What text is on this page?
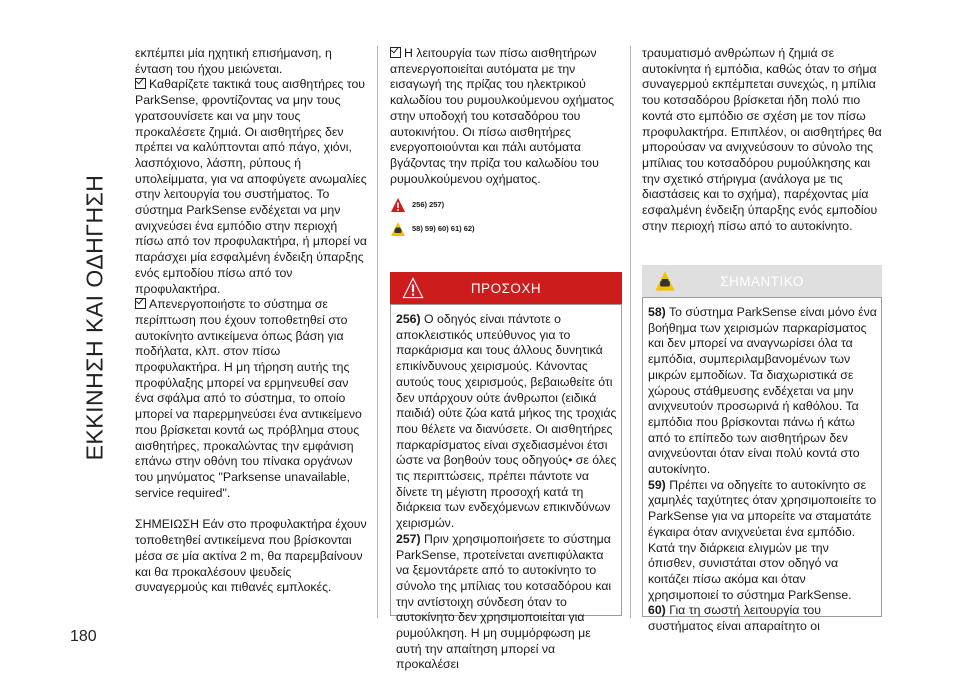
ΕΚΚΙΝΗΣΗ ΚΑΙ ΟΔΗΓΗΣΗ
180

εκπέμπει μία ηχητική επισήμανση, η ένταση του ήχου μειώνεται.

Καθαρίζετε τακτικά τους αισθητήρες του ParkSense, φροντίζοντας να μην τους γρατσουνίσετε και να μην τους προκαλέσετε ζημιά. Οι αισθητήρες δεν πρέπει να καλύπτονται από πάγο, χιόνι, λασπόχιονο, λάσπη, ρύπους ή υπολείμματα, για να αποφύγετε ανωμαλίες στην λειτουργία του συστήματος. Το σύστημα ParkSense ενδέχεται να μην ανιχνεύσει ένα εμπόδιο στην περιοχή πίσω από τον προφυλακτήρα, ή μπορεί να παράσχει μία εσφαλμένη ένδειξη ύπαρξης ενός εμποδίου πίσω από τον προφυλακτήρα.

Απενεργοποιήστε το σύστημα σε περίπτωση που έχουν τοποθετηθεί στο αυτοκίνητο αντικείμενα όπως βάση για ποδήλατα, κλπ. στον πίσω προφυλακτήρα. Η μη τήρηση αυτής της προφύλαξης μπορεί να ερμηνευθεί σαν ένα σφάλμα από το σύστημα, το οποίο μπορεί να παρερμηνεύσει ένα αντικείμενο που βρίσκεται κοντά ως πρόβλημα στους αισθητήρες, προκαλώντας την εμφάνιση επάνω στην οθόνη του πίνακα οργάνων του μηνύματος "Parksense unavailable, service required".

ΣΗΜΕΙΩΣΗ Εάν στο προφυλακτήρα έχουν τοποθετηθεί αντικείμενα που βρίσκονται μέσα σε μία ακτίνα 2 m, θα παρεμβαίνουν και θα προκαλέσουν ψευδείς συναγερμούς και πιθανές εμπλοκές.

Η λειτουργία των πίσω αισθητήρων απενεργοποιείται αυτόματα με την εισαγωγή της πρίζας του ηλεκτρικού καλωδίου του ρυμουλκούμενου οχήματος στην υποδοχή του κοτσαδόρου του αυτοκινήτου. Οι πίσω αισθητήρες ενεργοποιούνται και πάλι αυτόματα βγάζοντας την πρίζα του καλωδίου του ρυμουλκούμενου οχήματος.

256) 257)
58) 59) 60) 61) 62)
ΠΡΟΣΟΧΗ

256) Ο οδηγός είναι πάντοτε ο αποκλειστικός υπεύθυνος για το παρκάρισμα και τους άλλους δυνητικά επικίνδυνους χειρισμούς. Κάνοντας αυτούς τους χειρισμούς, βεβαιωθείτε ότι δεν υπάρχουν ούτε άνθρωποι (ειδικά παιδιά) ούτε ζώα κατά μήκος της τροχιάς που θέλετε να διανύσετε. Οι αισθητήρες παρκαρίσματος είναι σχεδιασμένοι έτσι ώστε να βοηθούν τους οδηγούς• σε όλες τις περιπτώσεις, πρέπει πάντοτε να δίνετε τη μέγιστη προσοχή κατά τη διάρκεια των ενδεχόμενων επικινδύνων χειρισμών.

257) Πριν χρησιμοποιήσετε το σύστημα ParkSense, προτείνεται ανεπιφύλακτα να ξεμοντάρετε από το αυτοκίνητο το σύνολο της μπίλιας του κοτσαδόρου και την αντίστοιχη σύνδεση όταν το αυτοκίνητο δεν χρησιμοποιείται για ρυμούλκηση. Η μη συμμόρφωση με αυτή την απαίτηση μπορεί να προκαλέσει

τραυματισμό ανθρώπων ή ζημιά σε αυτοκίνητα ή εμπόδια, καθώς όταν το σήμα συναγερμού εκπέμπεται συνεχώς, η μπίλια του κοτσαδόρου βρίσκεται ήδη πολύ πιο κοντά στο εμπόδιο σε σχέση με τον πίσω προφυλακτήρα. Επιπλέον, οι αισθητήρες θα μπορούσαν να ανιχνεύσουν το σύνολο της μπίλιας του κοτσαδόρου ρυμούλκησης και την σχετικό στήριγμα (ανάλογα με τις διαστάσεις και το σχήμα), παρέχοντας μία εσφαλμένη ένδειξη ύπαρξης ενός εμποδίου στην περιοχή πίσω από το αυτοκίνητο.

ΣΗΜΑΝΤΙΚΟ

58) Το σύστημα ParkSense είναι μόνο ένα βοήθημα των χειρισμών παρκαρίσματος και δεν μπορεί να αναγνωρίσει όλα τα εμπόδια, συμπεριλαμβανομένων των μικρών εμποδίων. Τα διαχωριστικά σε χώρους στάθμευσης ενδέχεται να μην ανιχνευτούν προσωρινά ή καθόλου. Τα εμπόδια που βρίσκονται πάνω ή κάτω από το επίπεδο των αισθητήρων δεν ανιχνεύονται όταν είναι πολύ κοντά στο αυτοκίνητο.

59) Πρέπει να οδηγείτε το αυτοκίνητο σε χαμηλές ταχύτητες όταν χρησιμοποιείτε το ParkSense για να μπορείτε να σταματάτε έγκαιρα όταν ανιχνεύεται ένα εμπόδιο. Κατά την διάρκεια ελιγμών με την όπισθεν, συνιστάται στον οδηγό να κοιτάζει πίσω ακόμα και όταν χρησιμοποιεί το σύστημα ParkSense.

60) Για τη σωστή λειτουργία του συστήματος είναι απαραίτητο οι
